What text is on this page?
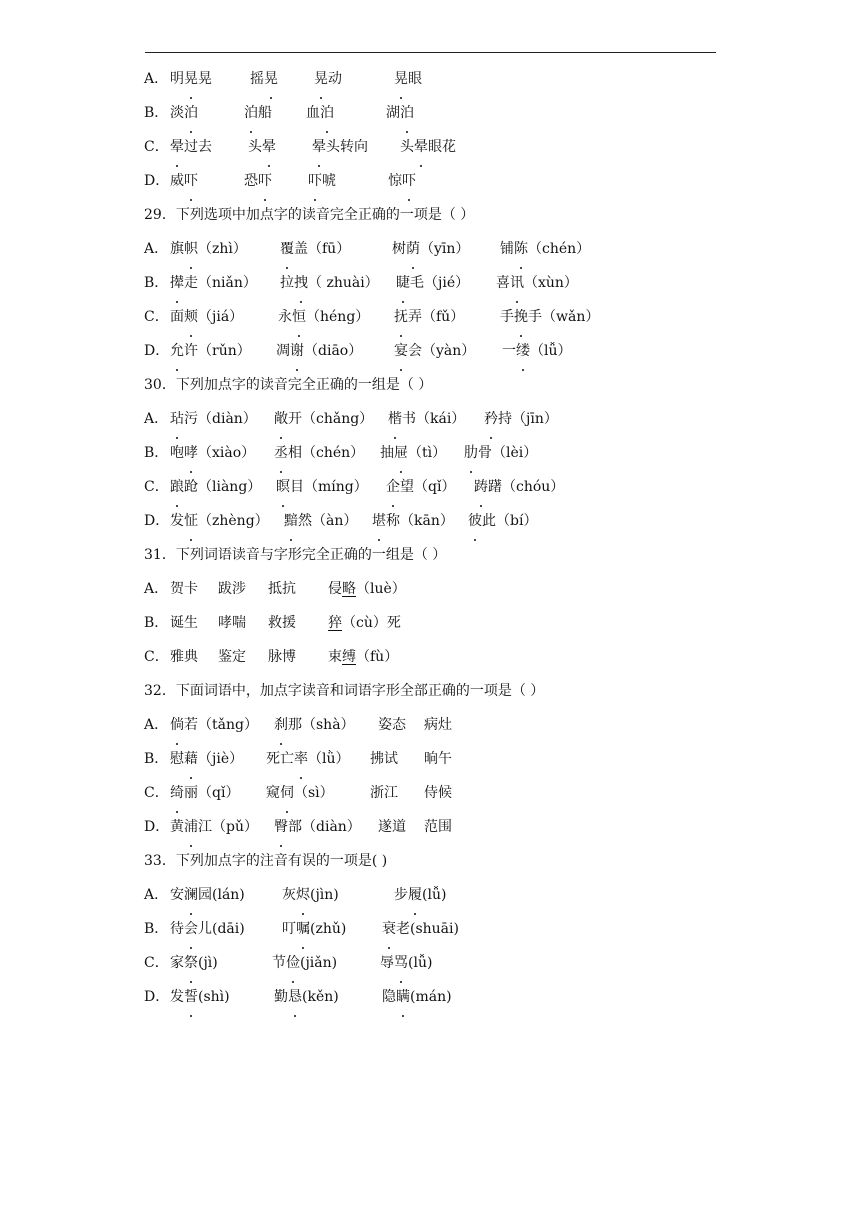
A． 明晃晃	摇晃	晃动	晃眼
B． 淡泊	泊船 血泊	湖泊
C．晕过去	头晕	晕头转向 头晕眼花
D．威吓	恐吓	吓唬	惊吓
29．下列选项中加点字的读音完全正确的一项是（ ）
A． 旗帜（zhì） 覆盖（fū）	树荫（yīn） 铺陈（chén）
B． 撵走（niǎn） 拉拽（ zhuài） 睫毛（jié） 喜讯（xùn）
C．面颊（jiá） 永恒（héng） 抚弄（fǔ）	手挽手（wǎn）
D．允许（rǔn） 凋谢（diāo） 宴会（yàn） 一缕（lǚ）
30．下列加点字的读音完全正确的一组是（ ）
A． 玷污（diàn） 敞开（chǎng） 楷书（kái） 矜持（jīn）
B． 咆哮（xiào） 丞相（chén） 抽屉（tì） 肋骨（lèi）
C．踉跄（liàng） 瞑目（míng） 企望（qǐ） 踌躇（chóu）
D．发怔（zhèng） 黯然（àn） 堪称（kān） 彼此（bí）
31．下列词语读音与字形完全正确的一组是（ ）
A． 贺卡 跋涉 抵抗 侵略（luè）
B． 诞生 哮喘 救援 猝（cù）死
C．雅典 鉴定 脉博 束缚（fù）
32．下面词语中，加点字读音和词语字形全部正确的一项是（ ）
A． 倘若（tǎng） 刹那（shà） 姿态 病灶
B． 慰藉（jiè） 死亡率（lǜ） 拂试 晌午
C．绮丽（qǐ） 窥伺（sì）	浙江 侍候
D．黄浦江（pǔ） 臀部（diàn） 遂道 范围
33．下列加点字的注音有误的一项是( )
A． 安澜园(lán)	灰烬(jìn)	步履(lǚ)
B． 待会儿(dāi)	叮嘱(zhǔ)	衰老(shuāi)
C．家祭(jì)	节俭(jiǎn)	辱骂(lǚ)
D．发誓(shì)	勤恳(kěn)	隐瞒(mán)
